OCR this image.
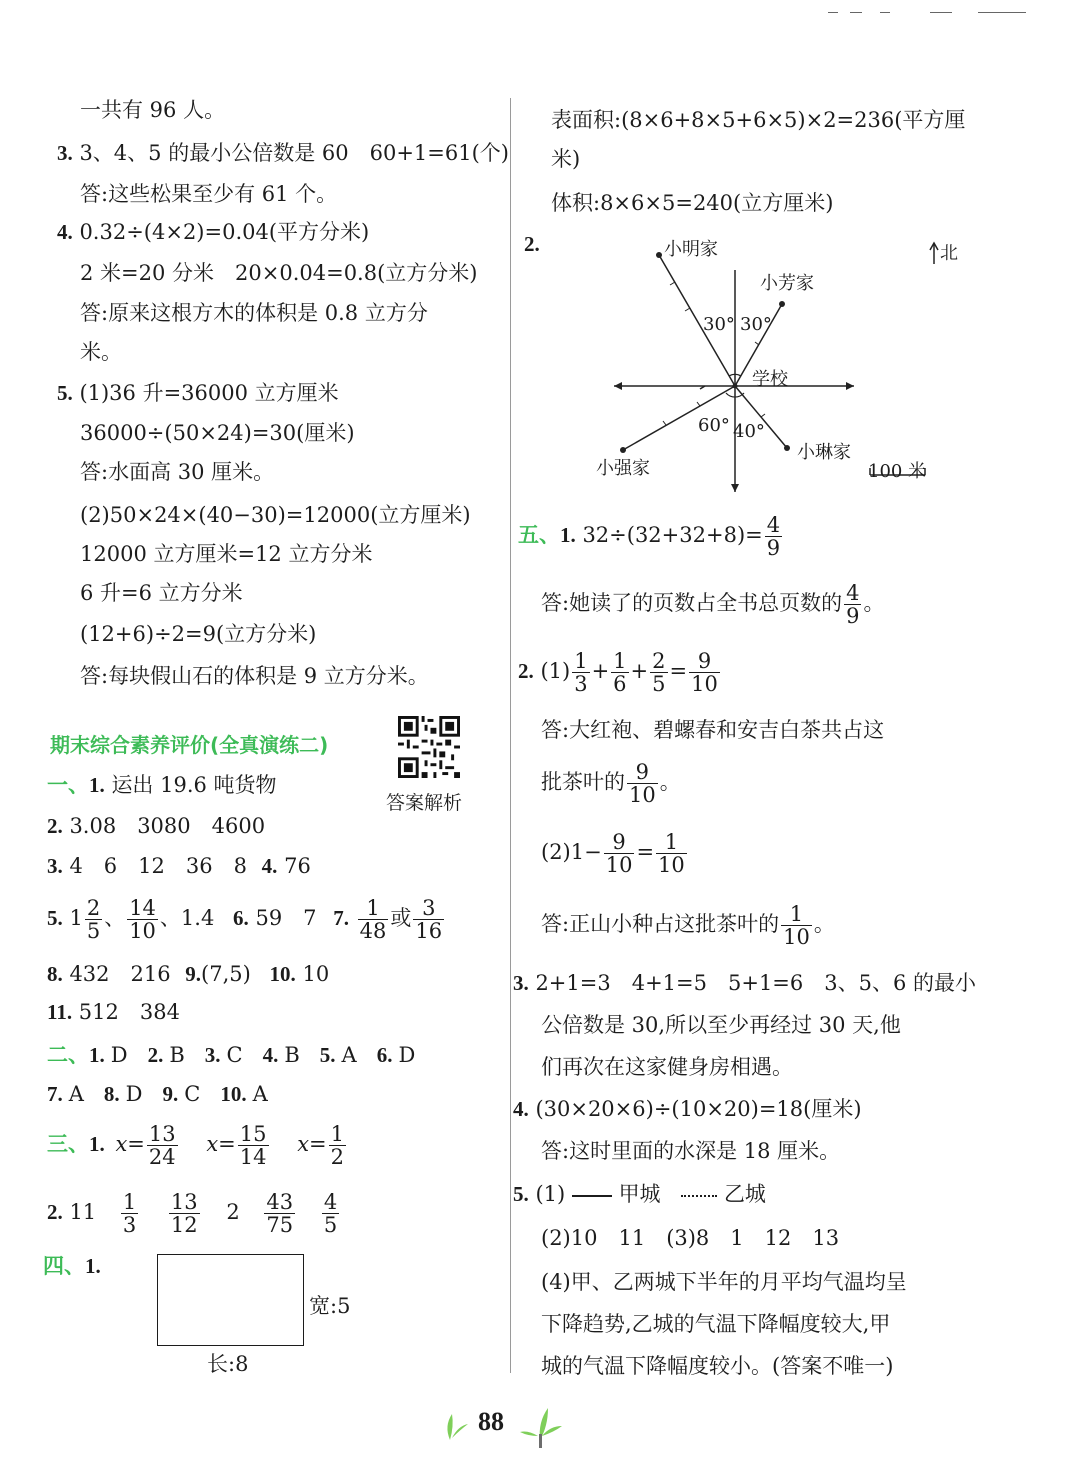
一共有 96 人。
3. 3、4、5 的最小公倍数是 60　60+1=61(个)
答:这些松果至少有 61 个。
4. 0.32÷(4×2)=0.04(平方分米)
2 米=20 分米　20×0.04=0.8(立方分米)
答:原来这根方木的体积是 0.8 立方分
米。
5. (1)36 升=36000 立方厘米
36000÷(50×24)=30(厘米)
答:水面高 30 厘米。
(2)50×24×(40−30)=12000(立方厘米)
12000 立方厘米=12 立方分米
6 升=6 立方分米
(12+6)÷2=9(立方分米)
答:每块假山石的体积是 9 立方分米。
期末综合素养评价(全真演练二)
答案解析
一、1. 运出 19.6 吨货物
2. 3.08　3080　4600
3. 4　6　12　36　8 4. 76
5. $1 \frac{2}{5}$ 、 $\frac{14}{10}$ 、1.4 6. 59　7 7. $\frac{1}{48}$ 或 $\frac{3}{16}$
8. 432　216 9.(7,5) 10. 10
11. 512　384
二、1. D 2. B 3. C 4. B 5. A 6. D
7. A 8. D 9. C 10. A
三、1. $x= \frac{13}{24} x= \frac{15}{14} x= \frac{1}{2}$
2. $11 \frac{1}{3}$
$\frac{13}{12} 2 \frac{43}{75}$
$\frac{4}{5}$
四、1.
宽:5
长:8
表面积:(8×6+8×5+6×5)×2=236(平方厘
米)
体积:8×6×5=240(立方厘米)
2.	北
小明家
小芳家
学校
小强家
小琳家
30° 30°
60° 40°
100 米
五、1. $32\div(32+32+8)= \frac{4}{9}$
答:她读了的页数占全书总页数的 $\frac{4}{9}$ 。
2. $(1) \frac{1}{3} + \frac{1}{6} + \frac{2}{5} = \frac{9}{10}$
答:大红袍、碧螺春和安吉白茶共占这
批茶叶的 $\frac{9}{10}$ 。
$(2)1- \frac{9}{10} = \frac{1}{10}$
答:正山小种占这批茶叶的 $\frac{1}{10}$ 。
3. 2+1=3　4+1=5　5+1=6　3、5、6 的最小
公倍数是 30,所以至少再经过 30 天,他
们再次在这家健身房相遇。
4. (30×20×6)÷(10×20)=18(厘米)
答:这时里面的水深是 18 厘米。
5. (1)	甲城	乙城
(2)10　11　(3)8　1　12　13
(4)甲、乙两城下半年的月平均气温均呈
下降趋势,乙城的气温下降幅度较大,甲
城的气温下降幅度较小。(答案不唯一)
88
